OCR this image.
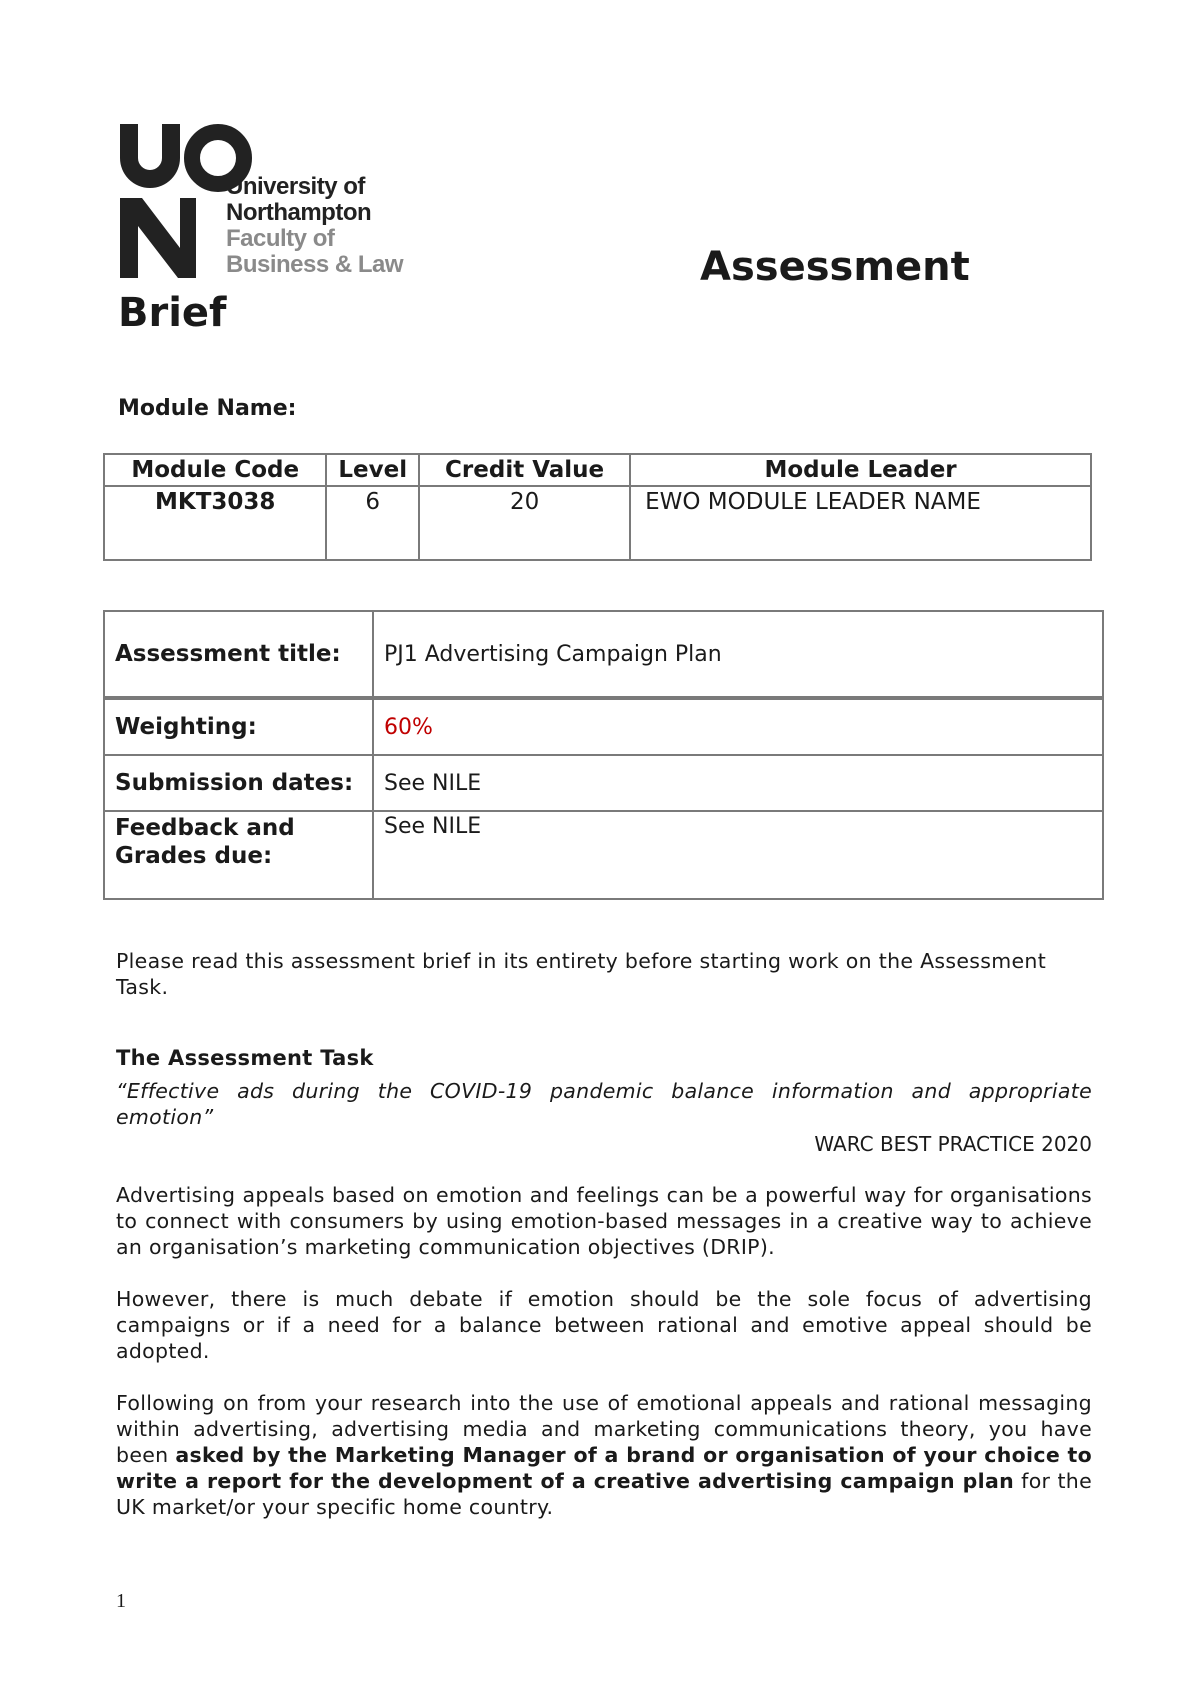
University of
Northampton
Faculty of
Business & Law	Assessment
Brief
Module Name:
Module Code	Level	Credit Value	Module Leader
MKT3038	6	20	EWO MODULE LEADER NAME
Assessment title:	PJ1 Advertising Campaign Plan
Weighting:	60%
Submission dates:	See NILE
Feedback and Grades due:	See NILE
Please read this assessment brief in its entirety before starting work on the Assessment Task.
The Assessment Task
“Effective ads during the COVID-19 pandemic balance information and appropriate emotion”
WARC BEST PRACTICE 2020
Advertising appeals based on emotion and feelings can be a powerful way for organisations to connect with consumers by using emotion-based messages in a creative way to achieve an organisation’s marketing communication objectives (DRIP).
However, there is much debate if emotion should be the sole focus of advertising campaigns or if a need for a balance between rational and emotive appeal should be adopted.
Following on from your research into the use of emotional appeals and rational messaging within advertising, advertising media and marketing communications theory, you have been asked by the Marketing Manager of a brand or organisation of your choice to write a report for the development of a creative advertising campaign plan for the UK market/or your specific home country.
1
